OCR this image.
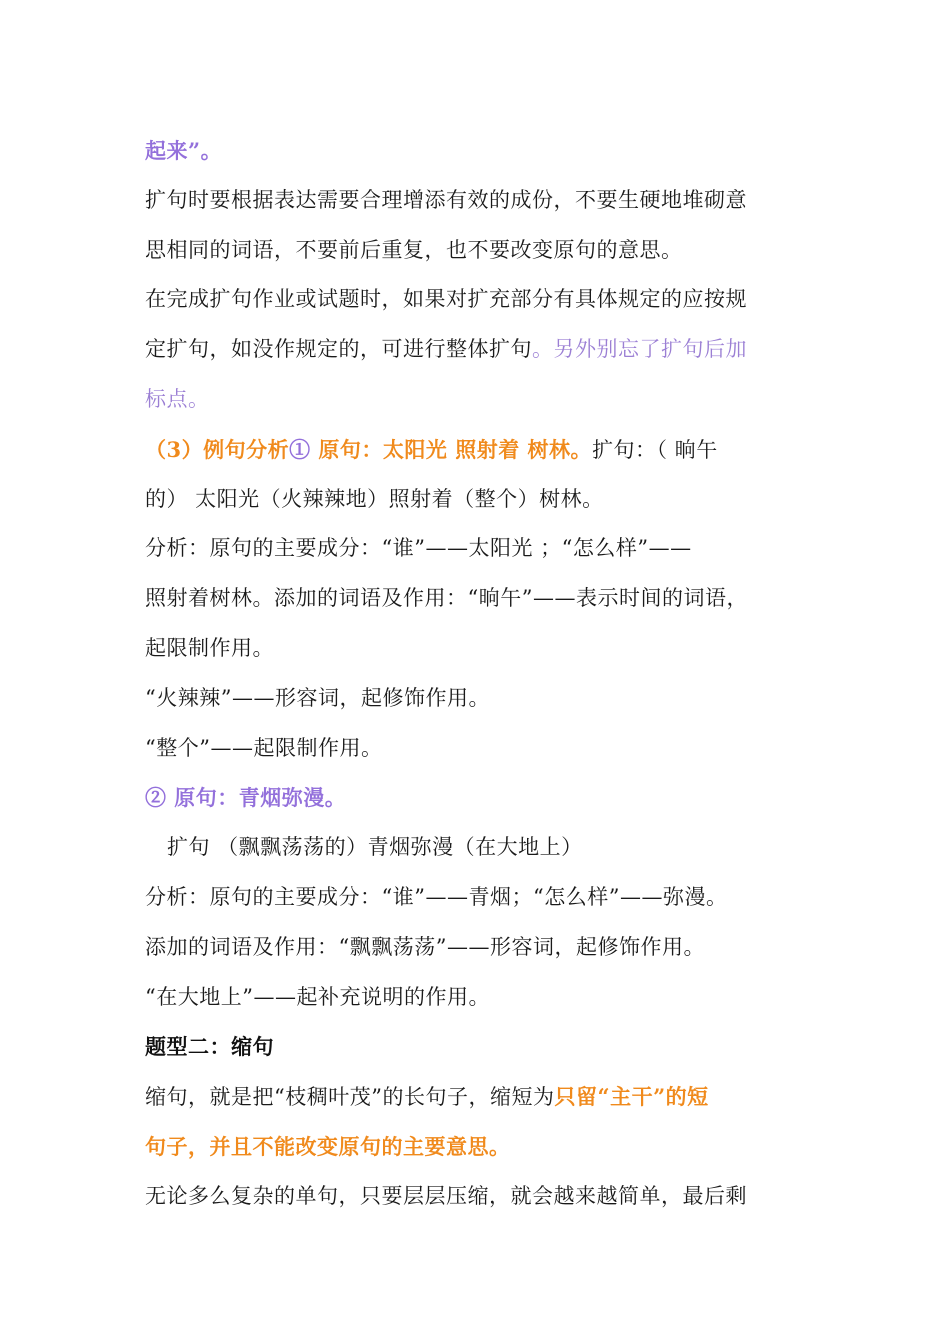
起来”。
扩句时要根据表达需要合理增添有效的成份，不要生硬地堆砌意
思相同的词语，不要前后重复，也不要改变原句的意思。
在完成扩句作业或试题时，如果对扩充部分有具体规定的应按规
定扩句，如没作规定的，可进行整体扩句。另外别忘了扩句后加
标点。
（3）例句分析① 原句：太阳光 照射着 树林。扩句：（ 晌午
的） 太阳光（火辣辣地）照射着（整个）树林。
分析：原句的主要成分：“谁”——太阳光 ；“怎么样”——
照射着树林。添加的词语及作用：“晌午”——表示时间的词语，
起限制作用。
“火辣辣”——形容词，起修饰作用。
“整个”——起限制作用。
② 原句：青烟弥漫。
扩句 （飘飘荡荡的）青烟弥漫（在大地上）
分析：原句的主要成分：“谁”——青烟；“怎么样”——弥漫。
添加的词语及作用：“飘飘荡荡”——形容词，起修饰作用。
“在大地上”——起补充说明的作用。
题型二：缩句
缩句，就是把“枝稠叶茂”的长句子，缩短为只留“主干”的短
句子，并且不能改变原句的主要意思。
无论多么复杂的单句，只要层层压缩，就会越来越简单，最后剩
